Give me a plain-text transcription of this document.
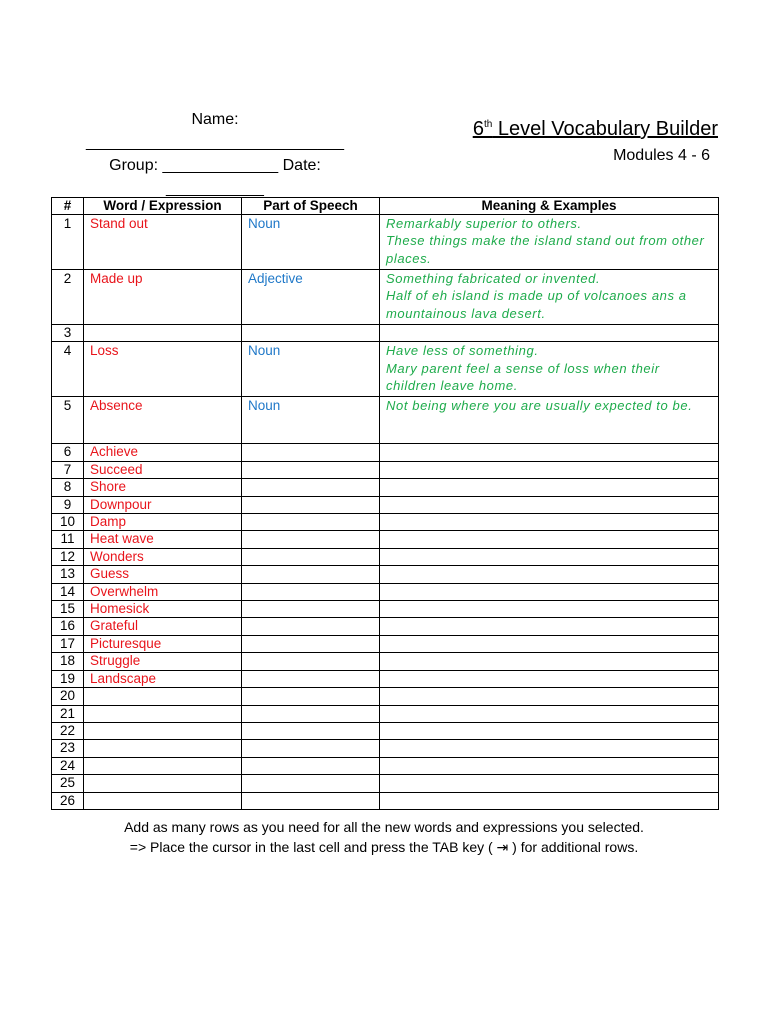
Name:
_____________________________
Group: _____________ Date:
___________
6th Level Vocabulary Builder
Modules 4 - 6
#	Word / Expression	Part of Speech	Meaning & Examples
1	Stand out	Noun	Remarkably superior to others.
These things make the island stand out from other places.

2	Made up	Adjective	Something fabricated or invented.
Half of eh island is made up of volcanoes ans a mountainous lava desert.

3			
4	Loss	Noun	Have less of something.
Mary parent feel a sense of loss when their children leave home.

5	Absence	Noun	Not being where you are usually expected to be.

6	Achieve		
7	Succeed		
8	Shore		
9	Downpour		
10	Damp		
11	Heat wave		
12	Wonders		
13	Guess		
14	Overwhelm		
15	Homesick		
16	Grateful		
17	Picturesque		
18	Struggle		
19	Landscape		
20			
21			
22			
23			
24			
25			
26			
Add as many rows as you need for all the new words and expressions you selected.
=> Place the cursor in the last cell and press the TAB key ( ⇥ ) for additional rows.
